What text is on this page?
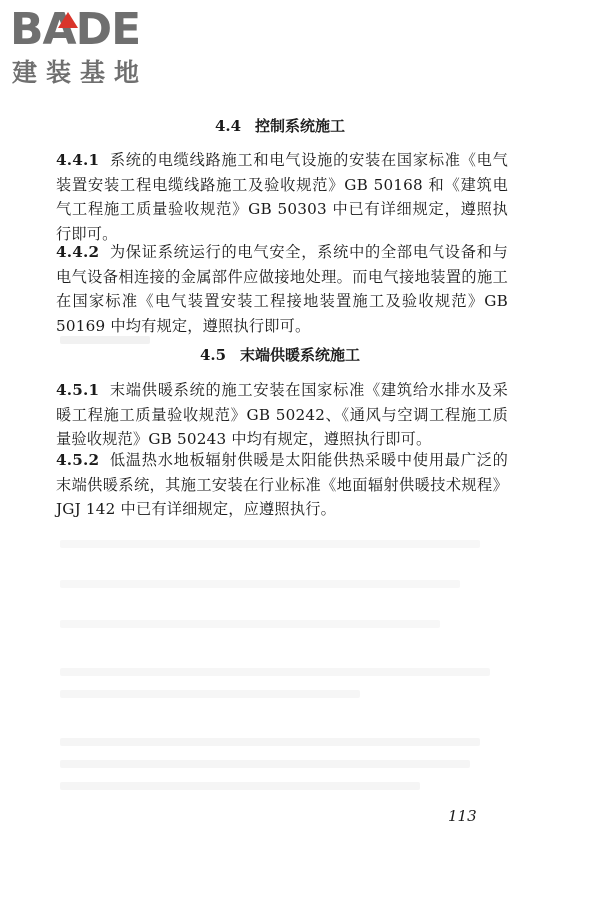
BADE
建装基地
4.4 控制系统施工
4.4.1 系统的电缆线路施工和电气设施的安装在国家标准《电气装置安装工程电缆线路施工及验收规范》GB 50168 和《建筑电气工程施工质量验收规范》GB 50303 中已有详细规定，遵照执行即可。
4.4.2 为保证系统运行的电气安全，系统中的全部电气设备和与电气设备相连接的金属部件应做接地处理。而电气接地装置的施工在国家标准《电气装置安装工程接地装置施工及验收规范》GB 50169 中均有规定，遵照执行即可。
4.5 末端供暖系统施工
4.5.1 末端供暖系统的施工安装在国家标准《建筑给水排水及采暖工程施工质量验收规范》GB 50242、《通风与空调工程施工质量验收规范》GB 50243 中均有规定，遵照执行即可。
4.5.2 低温热水地板辐射供暖是太阳能供热采暖中使用最广泛的末端供暖系统，其施工安装在行业标准《地面辐射供暖技术规程》JGJ 142 中已有详细规定，应遵照执行。
113
